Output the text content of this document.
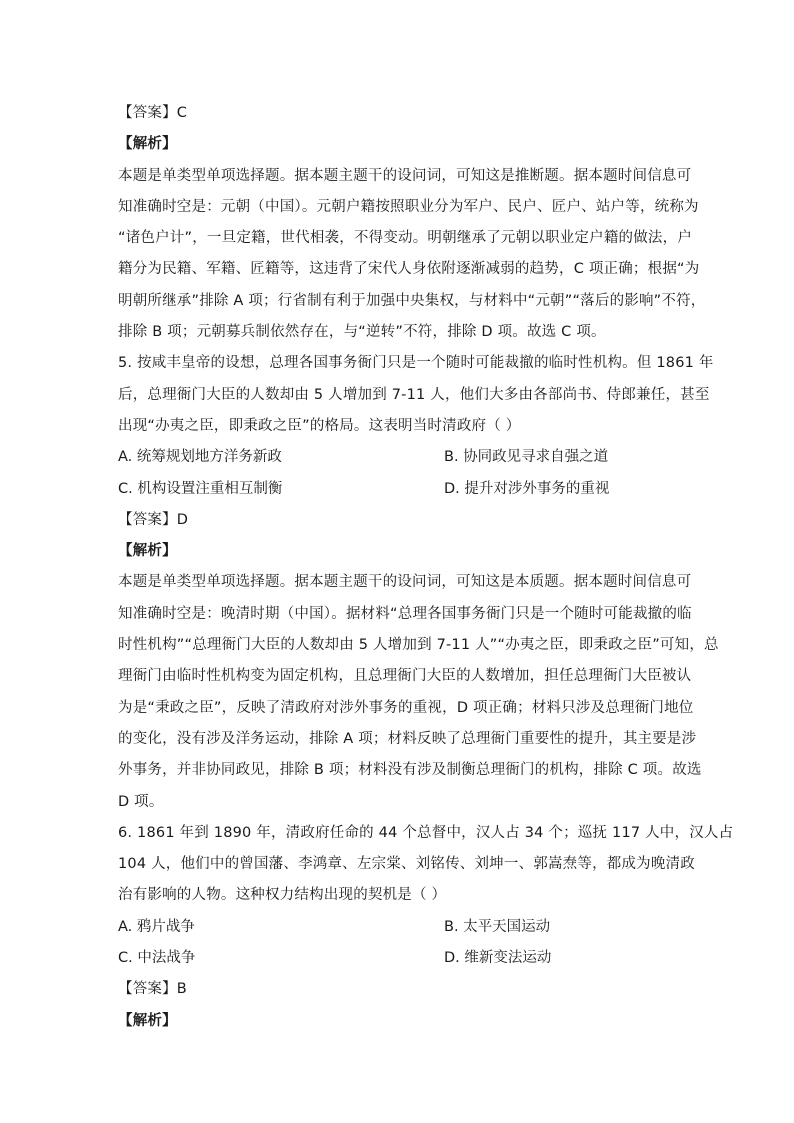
【答案】C
【解析】
本题是单类型单项选择题。据本题主题干的设问词，可知这是推断题。据本题时间信息可
知准确时空是：元朝（中国）。元朝户籍按照职业分为军户、民户、匠户、站户等，统称为
“诸色户计”，一旦定籍，世代相袭，不得变动。明朝继承了元朝以职业定户籍的做法，户
籍分为民籍、军籍、匠籍等，这违背了宋代人身依附逐渐减弱的趋势，C 项正确；根据“为
明朝所继承”排除 A 项；行省制有利于加强中央集权，与材料中“元朝”“落后的影响”不符，
排除 B 项；元朝募兵制依然存在，与“逆转”不符，排除 D 项。故选 C 项。
5. 按咸丰皇帝的设想，总理各国事务衙门只是一个随时可能裁撤的临时性机构。但 1861 年
后，总理衙门大臣的人数却由 5 人增加到 7-11 人，他们大多由各部尚书、侍郎兼任，甚至
出现“办夷之臣，即秉政之臣”的格局。这表明当时清政府（ ）
A. 统筹规划地方洋务新政	B. 协同政见寻求自强之道
C. 机构设置注重相互制衡	D. 提升对涉外事务的重视
【答案】D
【解析】
本题是单类型单项选择题。据本题主题干的设问词，可知这是本质题。据本题时间信息可
知准确时空是：晚清时期（中国）。据材料“总理各国事务衙门只是一个随时可能裁撤的临
时性机构”“总理衙门大臣的人数却由 5 人增加到 7-11 人”“办夷之臣，即秉政之臣”可知，总
理衙门由临时性机构变为固定机构，且总理衙门大臣的人数增加，担任总理衙门大臣被认
为是“秉政之臣”，反映了清政府对涉外事务的重视，D 项正确；材料只涉及总理衙门地位
的变化，没有涉及洋务运动，排除 A 项；材料反映了总理衙门重要性的提升，其主要是涉
外事务，并非协同政见，排除 B 项；材料没有涉及制衡总理衙门的机构，排除 C 项。故选
D 项。
6. 1861 年到 1890 年，清政府任命的 44 个总督中，汉人占 34 个；巡抚 117 人中，汉人占
104 人，他们中的曾国藩、李鸿章、左宗棠、刘铭传、刘坤一、郭嵩焘等，都成为晚清政
治有影响的人物。这种权力结构出现的契机是（ ）
A. 鸦片战争	B. 太平天国运动
C. 中法战争	D. 维新变法运动
【答案】B
【解析】
